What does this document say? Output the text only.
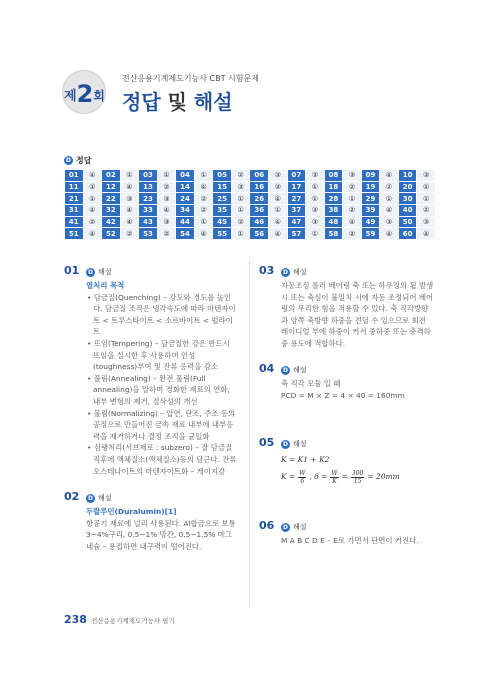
제2회
전산응용기계제도기능사 CBT 시험문제
정답 및 해설
D 정답
01	④	02	①	03	①	04	①	05	②	06	③	07	③	08	③	09	④	10	③
11	①	12	④	13	②	14	④	15	③	16	②	17	①	18	②	19	②	20	①
21	①	22	③	23	③	24	②	25	①	26	④	27	①	28	①	29	①	30	①
31	④	32	④	33	④	34	②	35	①	36	①	37	③	38	②	39	④	40	②
41	②	42	④	43	③	44	①	45	②	46	④	47	③	48	④	49	③	50	③
51	④	52	②	53	②	54	④	55	①	56	④	57	①	58	②	59	④	60	④
01	D 해설
열처리 목적
• 담금질(Quenching) – 강도와 경도를 높인다. 담금질 조직은 냉각속도에 따라 마텐자이트 < 트루스타이트 < 소르바이트 < 펄라이트
• 뜨임(Tempering) – 담금질한 강은 반드시 뜨임을 실시한 후 사용하며 인성(toughness)부여 및 잔류 응력을 감소
• 풀림(Annealing) – 완전 풀림(Full annealing)을 말하며 경화한 재료의 연화, 내부 변형의 제거, 절삭성의 개선
• 불림(Normalizing) – 압연, 단조, 주조 등의 공정으로 만들어진 금속 재료 내부에 내부응력을 제거하거나 결정 조직을 균일화
• 심랭처리(서브제로 : subzero) – 잘 담금질 직후에 액체질소(액체질소)등의 담근다. 잔류 오스테나이트의 마텐자이트화 – 게이지강
02	D 해설
두랄루민(Duralumin)[1]
항공기 재료에 널리 사용된다. Al합금으로 보통 3~4%구리, 0.5~1% 망간, 0.5~1.5% 마그네슘 – 용접하면 내구력이 떨어진다.
03	D 해설
자동조심 롤러 베어링 축 또는 하우징의 휨 발생 시 또는 축심이 불일치 시에 자동 조정되어 베어링의 무리한 힘을 적용할 수 있다. 축 직각방향과 양쪽 축방향 하중을 견딜 수 있으므로 회전 레이디얼 부에 하중이 커서 중하중 또는 충격하중 용도에 적합하다.
04	D 해설
축 직각 모듈 일 때
PCD = M × Z = 4 × 40 = 160mm
05	D 해설
K = K1 + K2
$K = \frac{W}{\delta}$ , $\delta = \frac{W}{K} = \frac{300}{15} = 20mm$
06	D 해설
M A B C D E – E로 가면서 단면이 커진다.
238 전산응용기계제도기능사 필기
